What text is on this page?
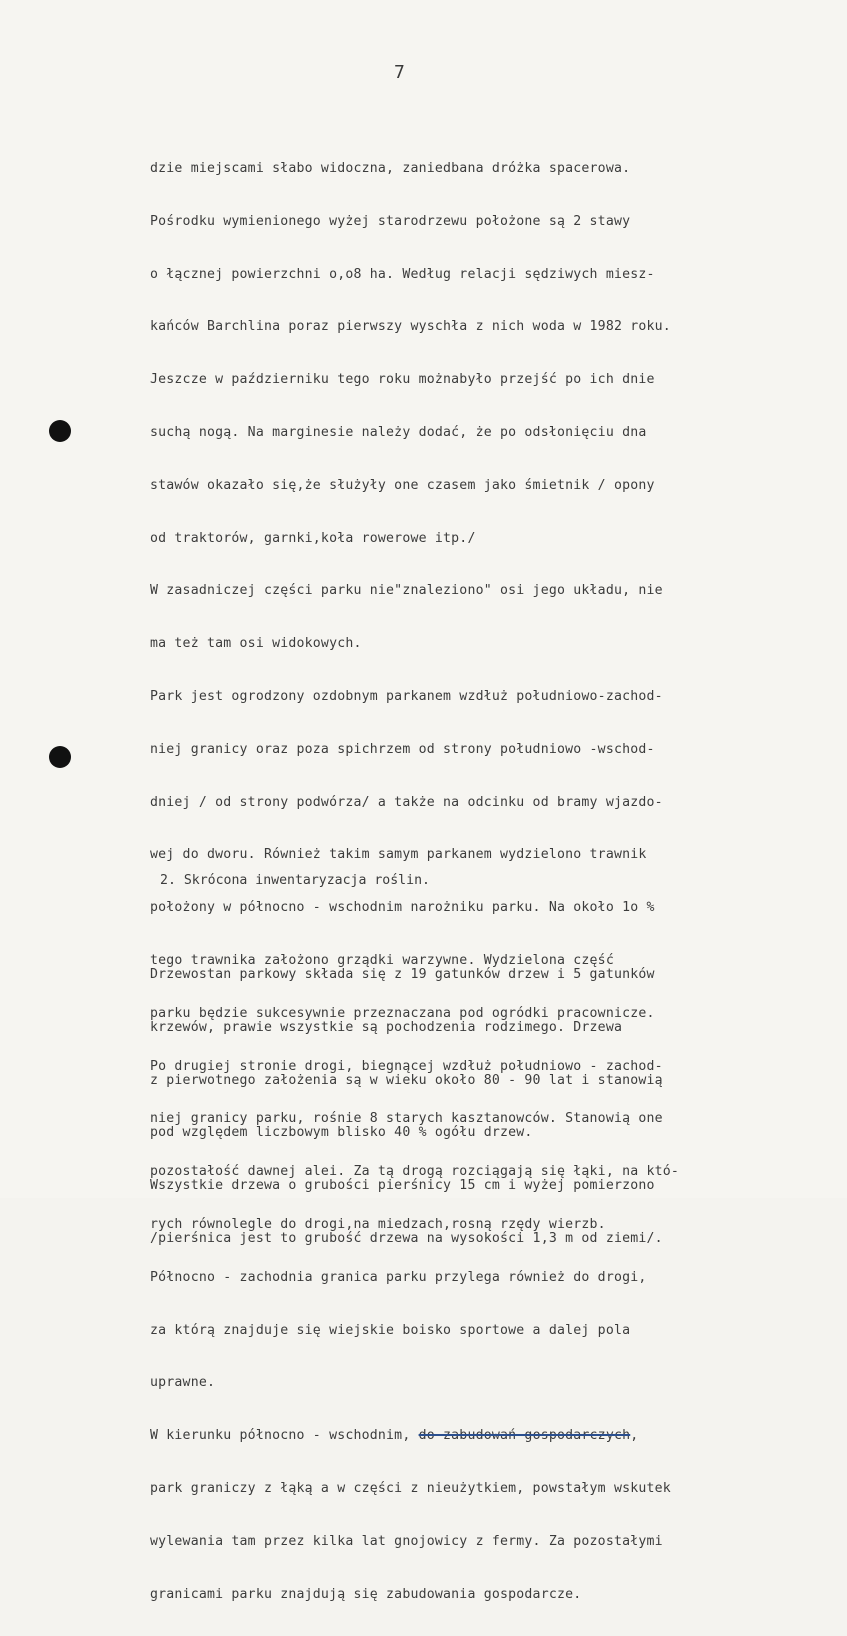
7

dzie miejscami słabo widoczna, zaniedbana dróżka spacerowa.

Pośrodku wymienionego wyżej starodrzewu położone są 2 stawy

o łącznej powierzchni o,o8 ha. Według relacji sędziwych miesz-

kańców Barchlina poraz pierwszy wyschła z nich woda w 1982 roku.

Jeszcze w październiku tego roku możnabyło przejść po ich dnie

suchą nogą. Na marginesie należy dodać, że po odsłonięciu dna

stawów okazało się,że służyły one czasem jako śmietnik / opony

od traktorów, garnki,koła rowerowe itp./

W zasadniczej części parku nie"znaleziono" osi jego układu, nie

ma też tam osi widokowych.

Park jest ogrodzony ozdobnym parkanem wzdłuż południowo-zachod-

niej granicy oraz poza spichrzem od strony południowo -wschod-

dniej / od strony podwórza/ a także na odcinku od bramy wjazdo-

wej do dworu. Również takim samym parkanem wydzielono trawnik

położony w północno - wschodnim narożniku parku. Na około 1o %

tego trawnika założono grządki warzywne. Wydzielona część

parku będzie sukcesywnie przeznaczana pod ogródki pracownicze.

Po drugiej stronie drogi, biegnącej wzdłuż południowo - zachod-

niej granicy parku, rośnie 8 starych kasztanowców. Stanowią one

pozostałość dawnej alei. Za tą drogą rozciągają się łąki, na któ-

rych równolegle do drogi,na miedzach,rosną rzędy wierzb.

Północno - zachodnia granica parku przylega również do drogi,

za którą znajduje się wiejskie boisko sportowe a dalej pola

uprawne.

W kierunku północno - wschodnim, do zabudowań gospodarczych,

park graniczy z łąką a w części z nieużytkiem, powstałym wskutek

wylewania tam przez kilka lat gnojowicy z fermy. Za pozostałymi

granicami parku znajdują się zabudowania gospodarcze.

2. Skrócona inwentaryzacja roślin.

Drzewostan parkowy składa się z 19 gatunków drzew i 5 gatunków

krzewów, prawie wszystkie są pochodzenia rodzimego. Drzewa

z pierwotnego założenia są w wieku około 80 - 90 lat i stanowią

pod względem liczbowym blisko 40 % ogółu drzew.

Wszystkie drzewa o grubości pierśnicy 15 cm i wyżej pomierzono

/pierśnica jest to grubość drzewa na wysokości 1,3 m od ziemi/.
